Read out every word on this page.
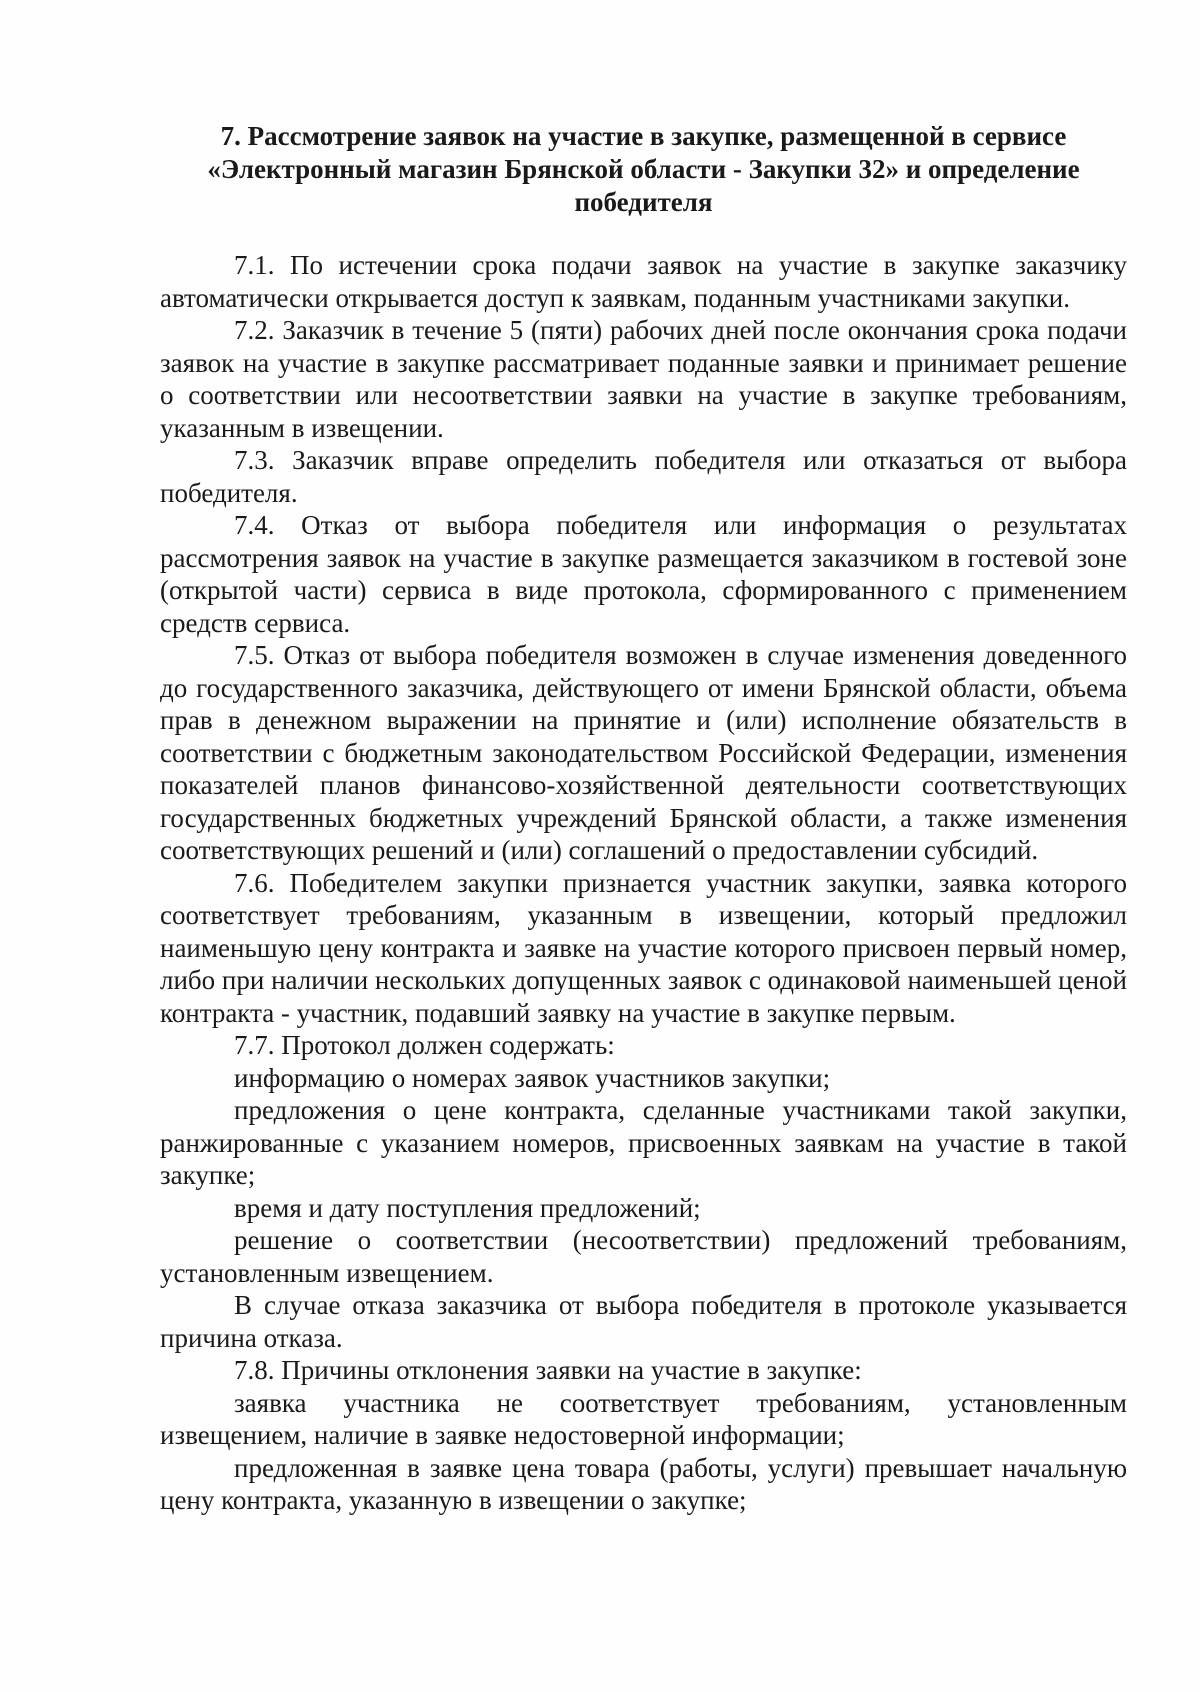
7. Рассмотрение заявок на участие в закупке, размещенной в сервисе
«Электронный магазин Брянской области - Закупки 32» и определение
победителя

7.1. По истечении срока подачи заявок на участие в закупке заказчику автоматически открывается доступ к заявкам, поданным участниками закупки.

7.2. Заказчик в течение 5 (пяти) рабочих дней после окончания срока подачи заявок на участие в закупке рассматривает поданные заявки и принимает решение о соответствии или несоответствии заявки на участие в закупке требованиям, указанным в извещении.

7.3. Заказчик вправе определить победителя или отказаться от выбора победителя.

7.4. Отказ от выбора победителя или информация о результатах рассмотрения заявок на участие в закупке размещается заказчиком в гостевой зоне (открытой части) сервиса в виде протокола, сформированного с применением средств сервиса.

7.5. Отказ от выбора победителя возможен в случае изменения доведенного до государственного заказчика, действующего от имени Брянской области, объема прав в денежном выражении на принятие и (или) исполнение обязательств в соответствии с бюджетным законодательством Российской Федерации, изменения показателей планов финансово-хозяйственной деятельности соответствующих государственных бюджетных учреждений Брянской области, а также изменения соответствующих решений и (или) соглашений о предоставлении субсидий.

7.6. Победителем закупки признается участник закупки, заявка которого соответствует требованиям, указанным в извещении, который предложил наименьшую цену контракта и заявке на участие которого присвоен первый номер, либо при наличии нескольких допущенных заявок с одинаковой наименьшей ценой контракта - участник, подавший заявку на участие в закупке первым.

7.7. Протокол должен содержать:

информацию о номерах заявок участников закупки;

предложения о цене контракта, сделанные участниками такой закупки, ранжированные с указанием номеров, присвоенных заявкам на участие в такой закупке;

время и дату поступления предложений;

решение о соответствии (несоответствии) предложений требованиям, установленным извещением.

В случае отказа заказчика от выбора победителя в протоколе указывается причина отказа.

7.8. Причины отклонения заявки на участие в закупке:

заявка участника не соответствует требованиям, установленным извещением, наличие в заявке недостоверной информации;

предложенная в заявке цена товара (работы, услуги) превышает начальную цену контракта, указанную в извещении о закупке;
